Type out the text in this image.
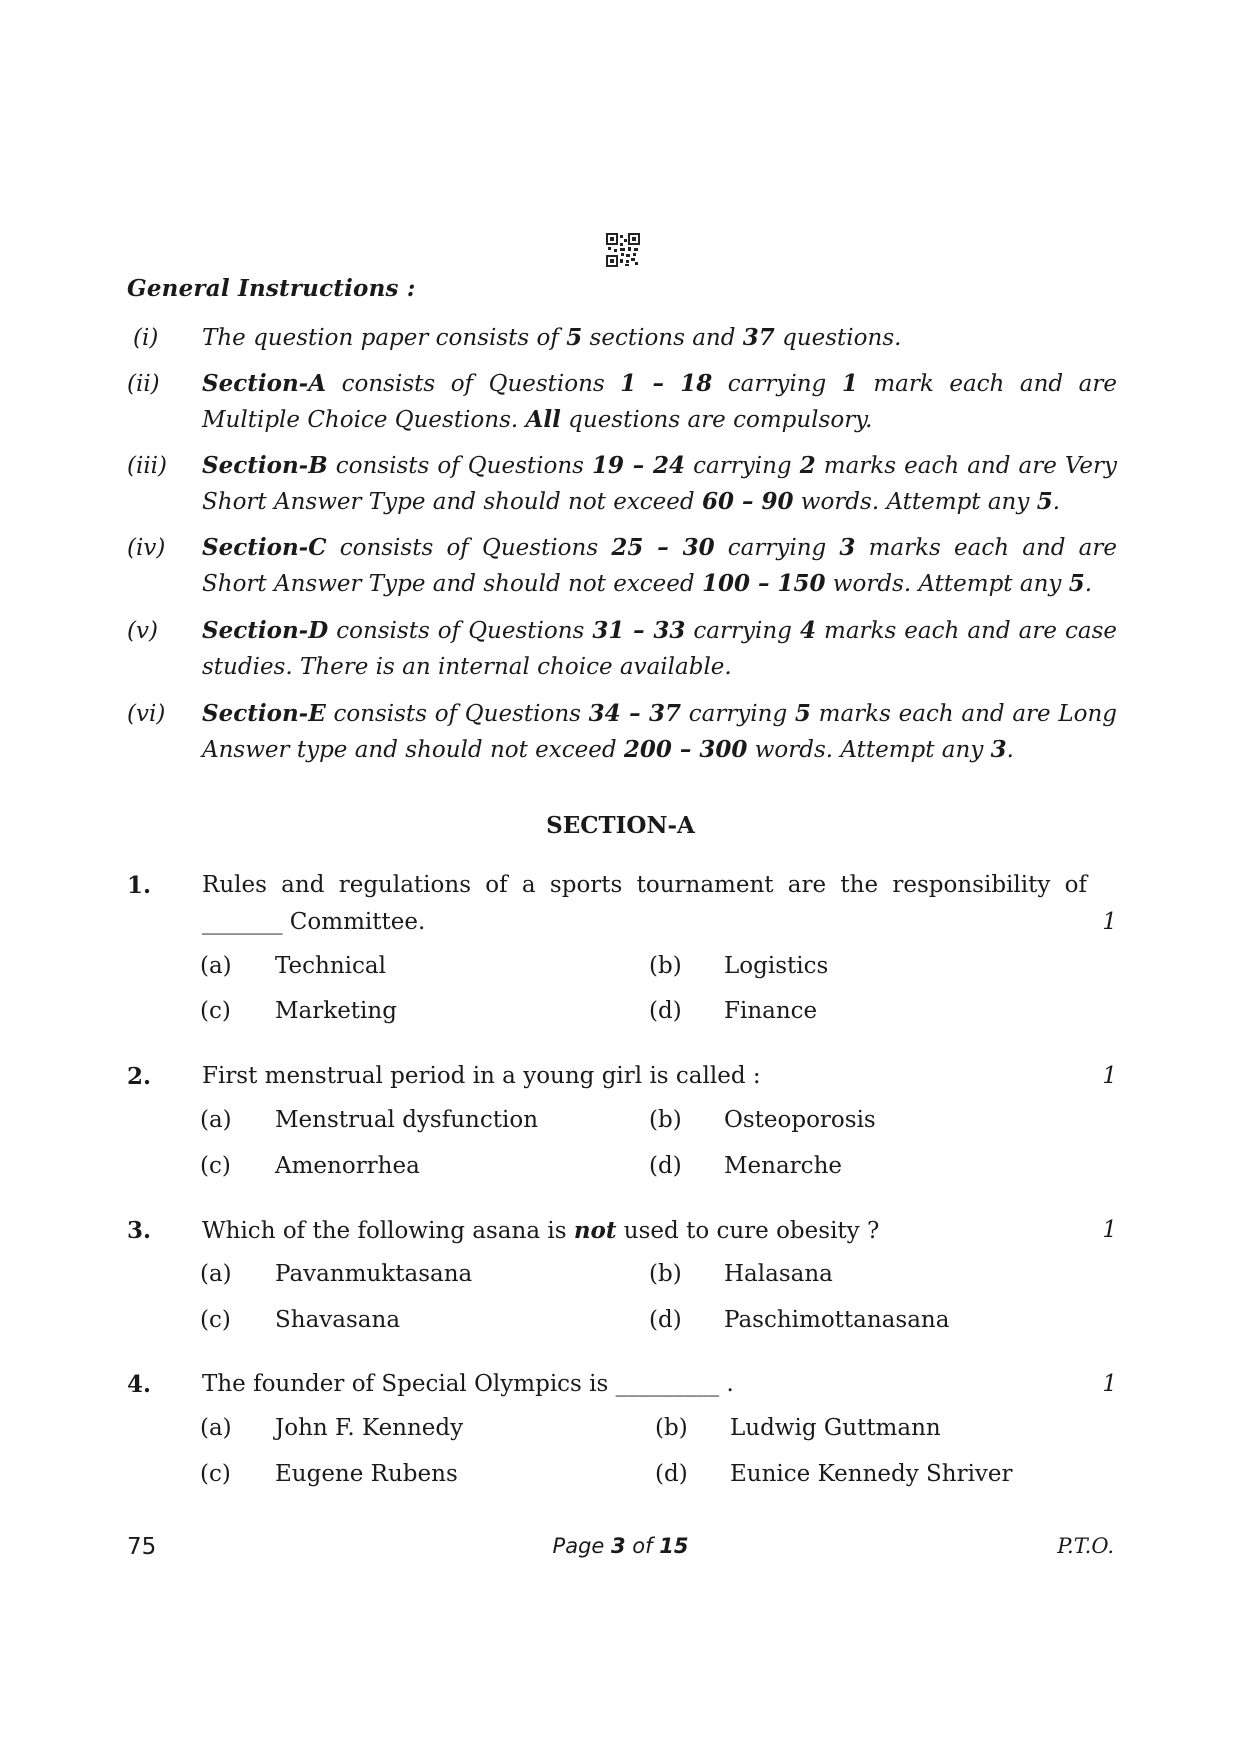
General Instructions :
(i)	The question paper consists of 5 sections and 37 questions.
(ii)	Section-A consists of Questions 1 – 18 carrying 1 mark each and are Multiple Choice Questions. All questions are compulsory.
(iii)	Section-B consists of Questions 19 – 24 carrying 2 marks each and are Very Short Answer Type and should not exceed 60 – 90 words. Attempt any 5.
(iv)	Section-C consists of Questions 25 – 30 carrying 3 marks each and are Short Answer Type and should not exceed 100 – 150 words. Attempt any 5.
(v)	Section-D consists of Questions 31 – 33 carrying 4 marks each and are case studies. There is an internal choice available.
(vi)	Section-E consists of Questions 34 – 37 carrying 5 marks each and are Long Answer type and should not exceed 200 – 300 words. Attempt any 3.
SECTION-A
1. Rules and regulations of a sports tournament are the responsibility of
_______ Committee.	1
(a) Technical	(b) Logistics
(c) Marketing	(d) Finance
2. First menstrual period in a young girl is called :	1
(a) Menstrual dysfunction	(b) Osteoporosis
(c) Amenorrhea	(d) Menarche
3. Which of the following asana is not used to cure obesity ?	1
(a) Pavanmuktasana	(b) Halasana
(c) Shavasana	(d) Paschimottanasana
4. The founder of Special Olympics is _________ .	1
(a) John F. Kennedy	(b) Ludwig Guttmann
(c) Eugene Rubens	(d) Eunice Kennedy Shriver
75	Page 3 of 15	P.T.O.
